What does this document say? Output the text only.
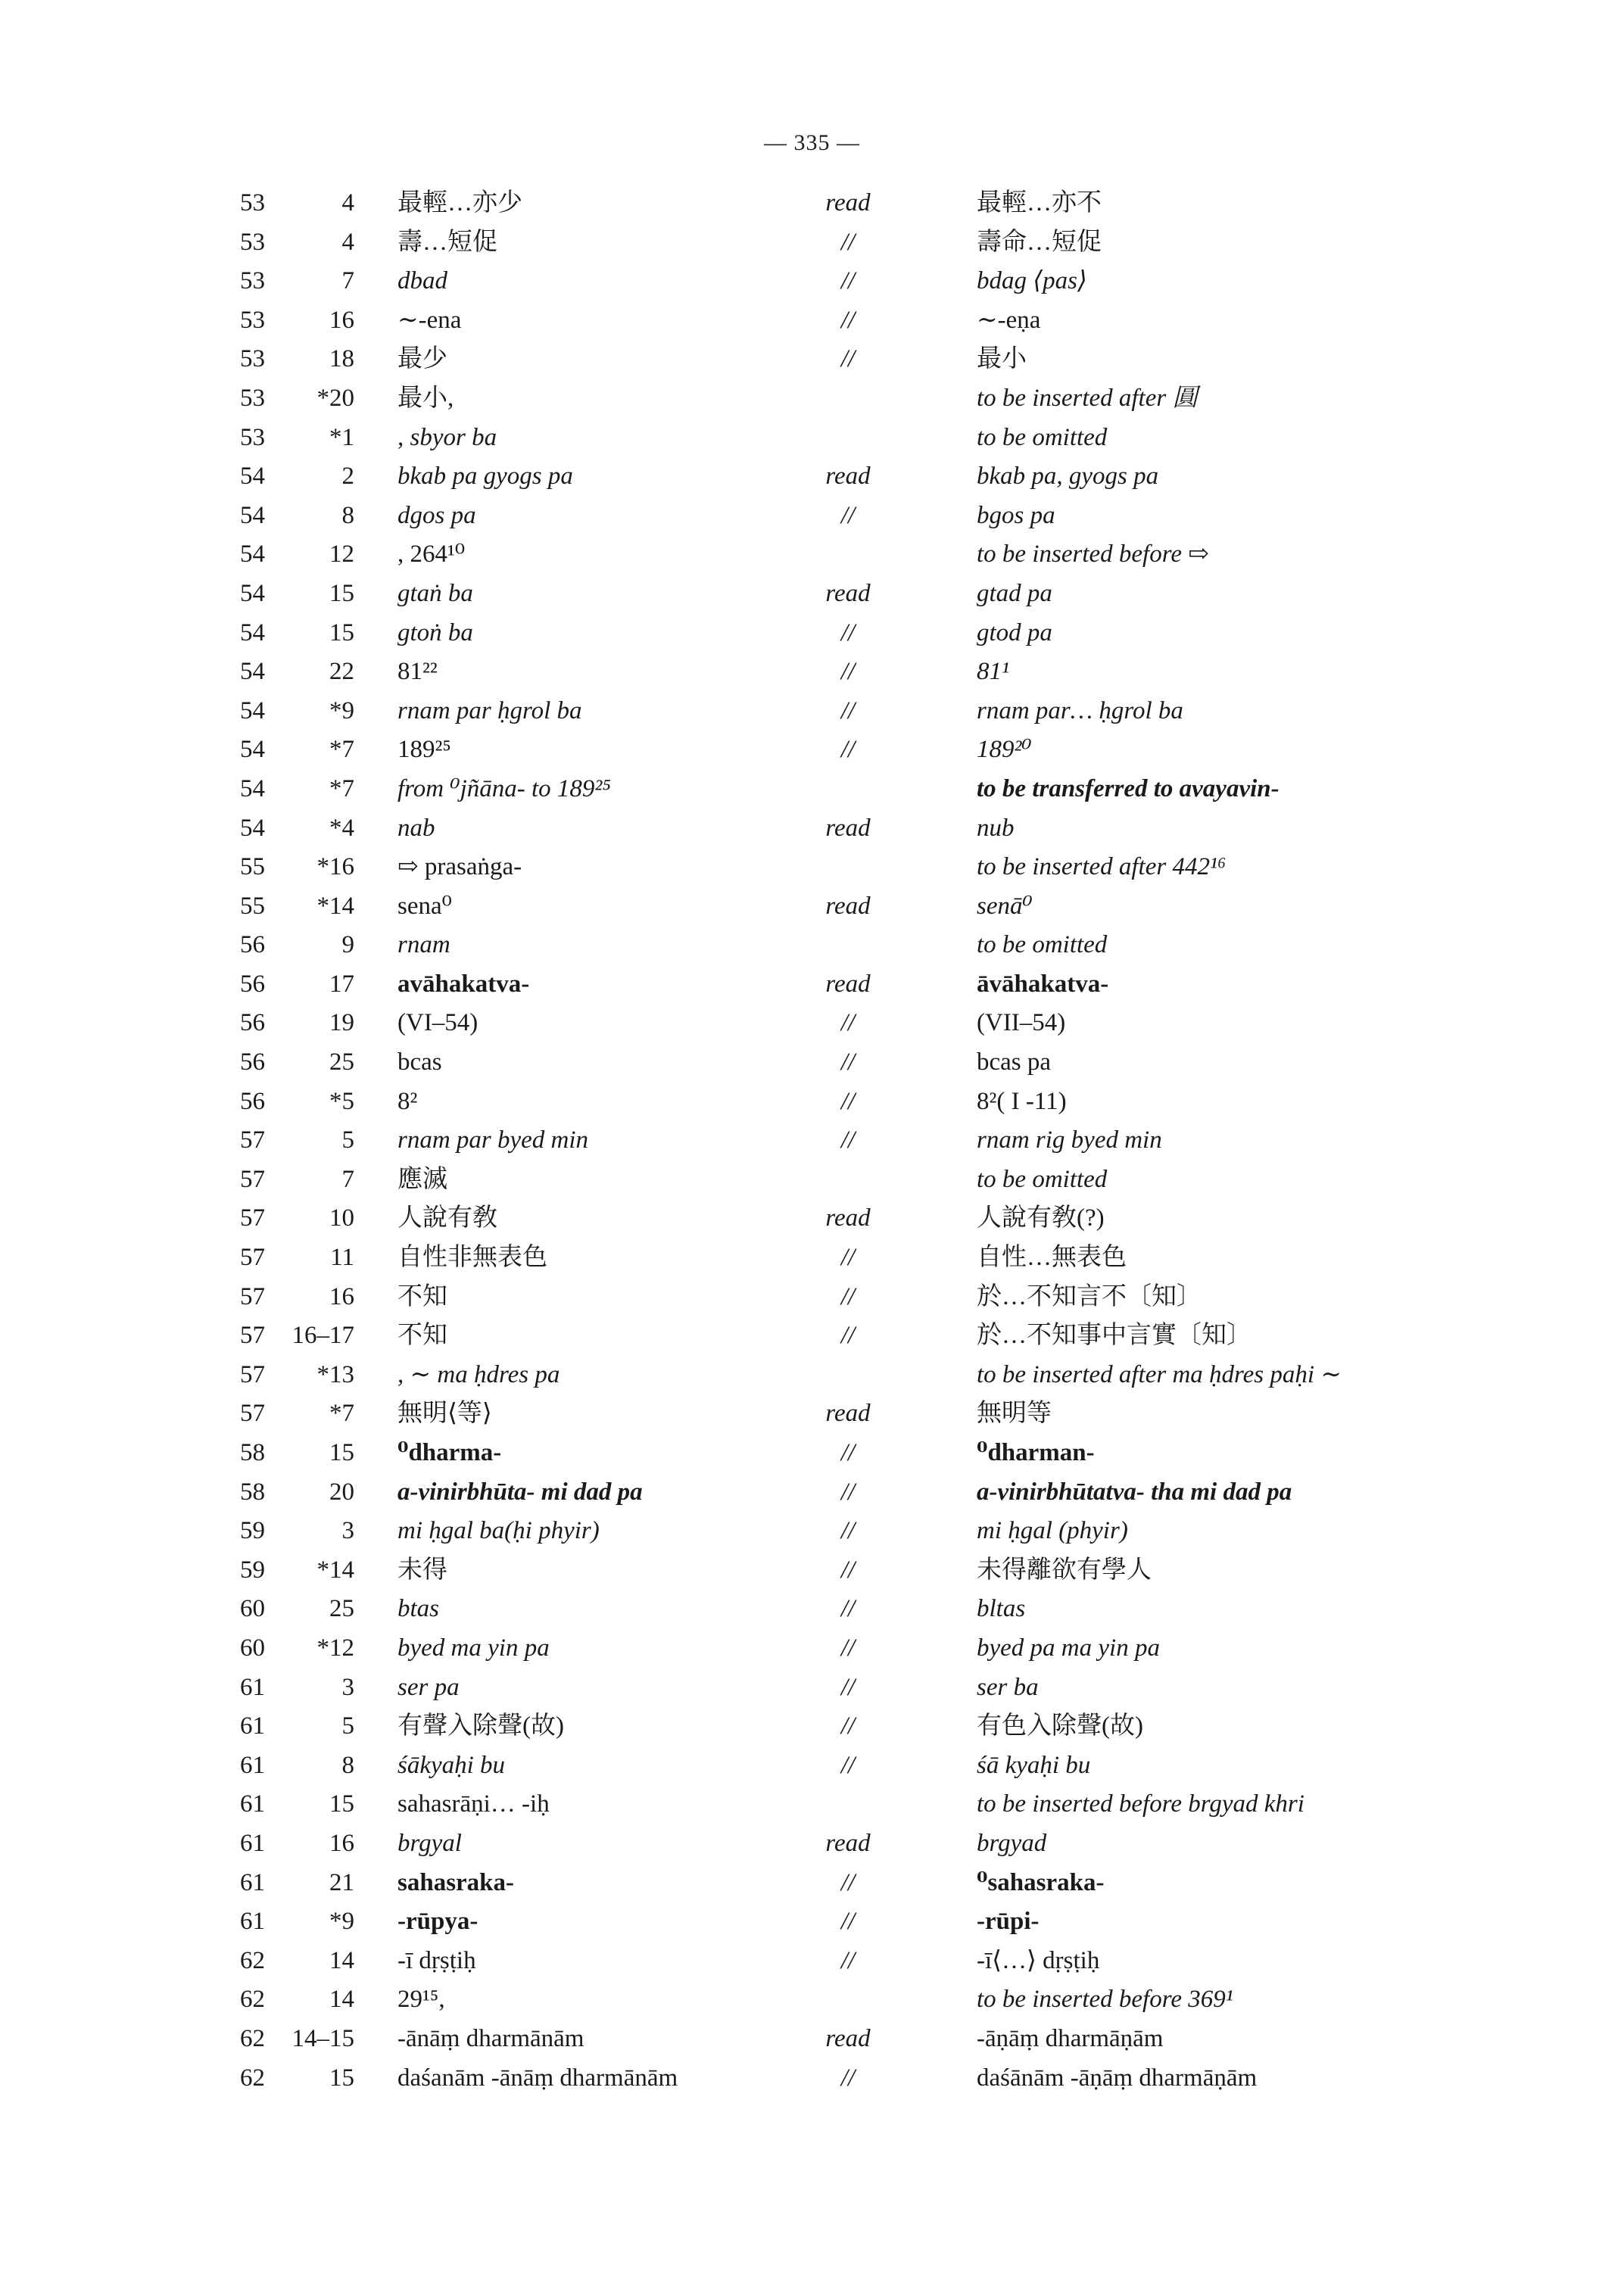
— 335 —
53	4 最輕…亦少	read	最輕…亦不
53	4 壽…短促	//	壽命…短促
53	7 dbad	//	bdag ⟨pas⟩
53	16 ∼-ena	//	∼-eṇa
53	18 最少	//	最小
53	*20 最小,	to be inserted after 圓
53	*1 , sbyor ba	to be omitted
54	2 bkab pa gyogs pa	read	bkab pa, gyogs pa
54	8 dgos pa	//	bgos pa
54	12 , 264¹⁰	to be inserted before ⇨
54	15 gtaṅ ba	read	gtad pa
54	15 gtoṅ ba	//	gtod pa
54	22 81²²	//	81¹
54	*9 rnam par ḥgrol ba	//	rnam par… ḥgrol ba
54	*7 189²⁵	//	189²⁰
54	*7 from ⁰jñāna- to 189²⁵	to be transferred to avayavin-
54	*4 nab	read	nub
55	*16 ⇨ prasaṅga-	to be inserted after 442¹⁶
55	*14 sena⁰	read	senā⁰
56	9 rnam	to be omitted
56	17 avāhakatva-	read	āvāhakatva-
56	19 (VI–54)	//	(VII–54)
56	25 bcas	//	bcas pa
56	*5 8²	//	8²( I -11)
57	5 rnam par byed min	//	rnam rig byed min
57	7 應滅	to be omitted
57	10 人說有敎	read	人說有敎(?)
57	11 自性非無表色	//	自性…無表色
57	16 不知	//	於…不知言不〔知〕
57	16–17 不知	//	於…不知事中言實〔知〕
57	*13 , ∼ ma ḥdres pa	to be inserted after ma ḥdres paḥi ∼
57	*7 無明⟨等⟩	read	無明等
58	15 ⁰dharma-	//	⁰dharman-
58	20 a-vinirbhūta- mi dad pa	//	a-vinirbhūtatva- tha mi dad pa
59	3 mi ḥgal ba(ḥi phyir)	//	mi ḥgal (phyir)
59	*14 未得	//	未得離欲有學人
60	25 btas	//	bltas
60	*12 byed ma yin pa	//	byed pa ma yin pa
61	3 ser pa	//	ser ba
61	5 有聲入除聲(故)	//	有色入除聲(故)
61	8 śākyaḥi bu	//	śā kyaḥi bu
61	15 sahasrāṇi… -iḥ	to be inserted before brgyad khri
61	16 brgyal	read	brgyad
61	21 sahasraka-	//	⁰sahasraka-
61	*9 -rūpya-	//	-rūpi-
62	14 -ī dṛṣṭiḥ	//	-ī⟨…⟩ dṛṣṭiḥ
62	14 29¹⁵,	to be inserted before 369¹
62	14–15 -ānāṃ dharmānām	read	-āṇāṃ dharmāṇām
62	15 daśanām -ānāṃ dharmānām	//	daśānām -āṇāṃ dharmāṇām
